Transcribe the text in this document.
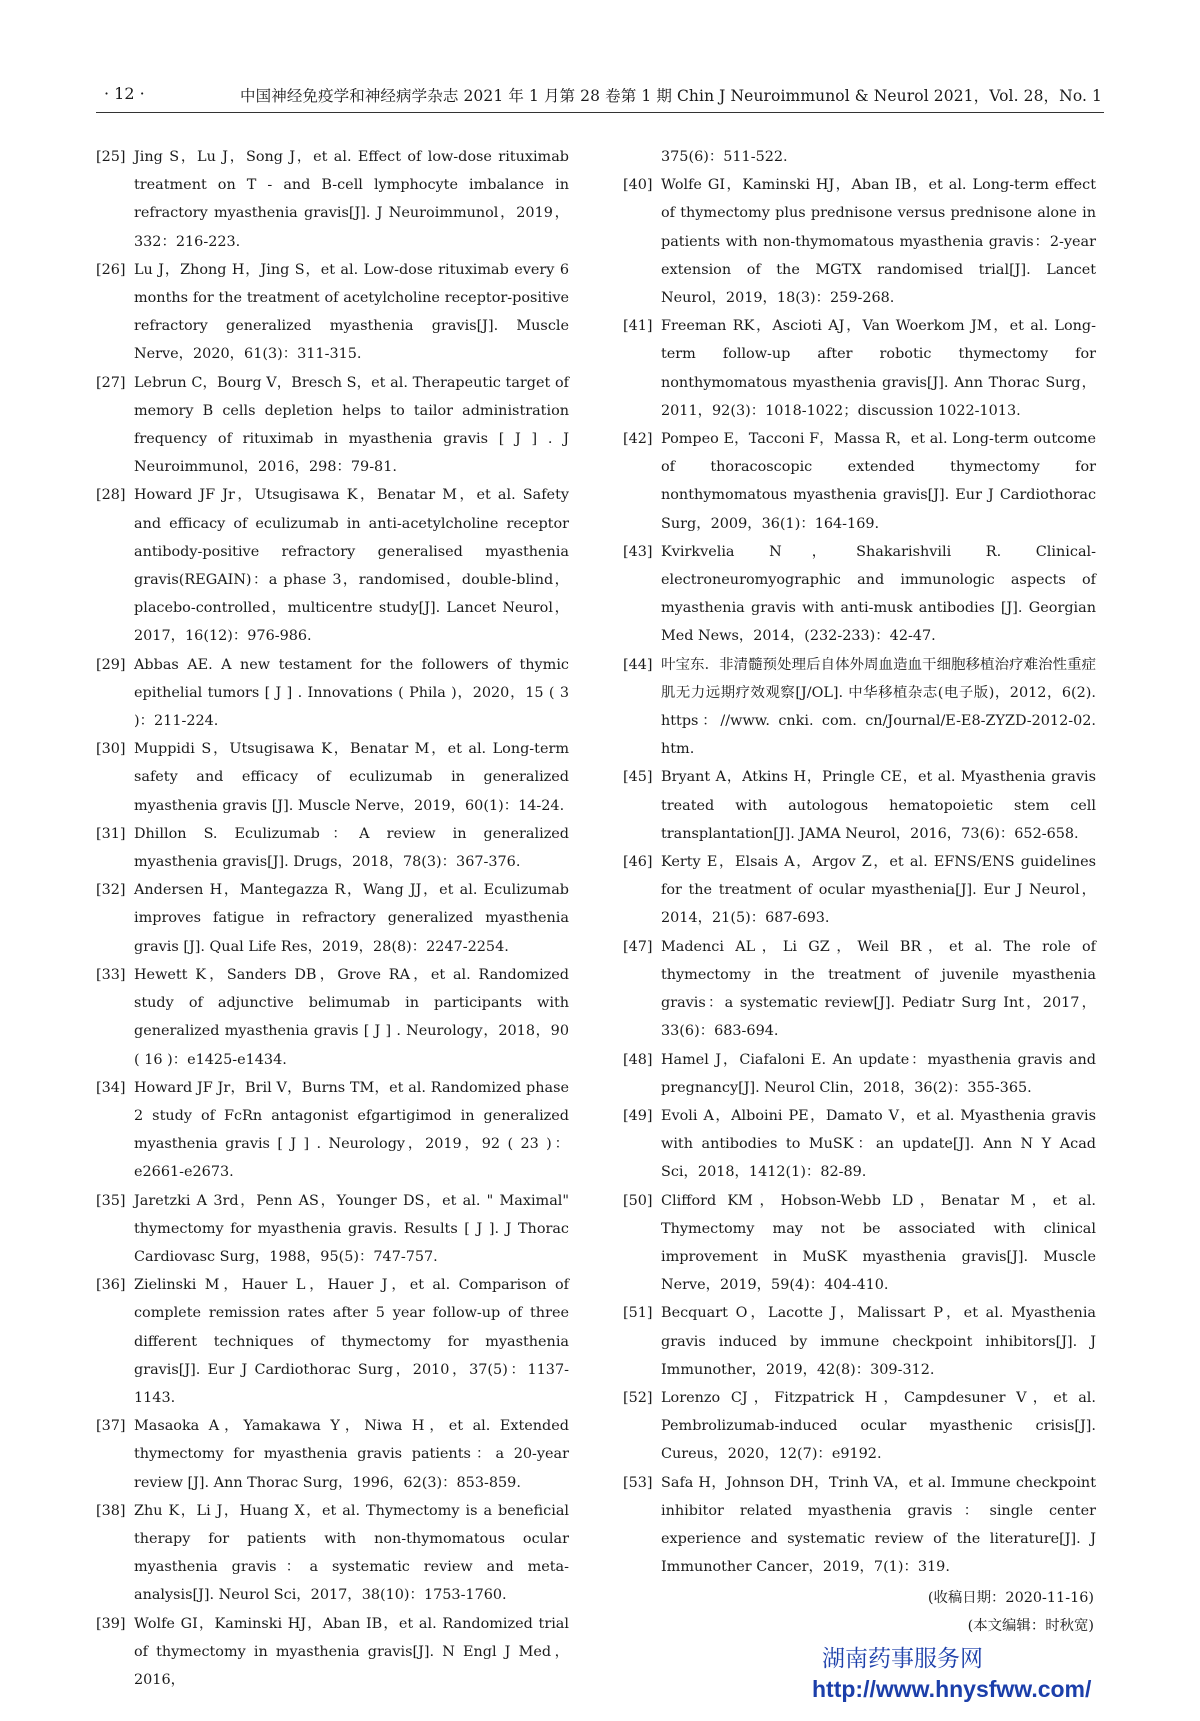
· 12 ·	中国神经免疫学和神经病学杂志 2021 年 1 月第 28 卷第 1 期 Chin J Neuroimmunol & Neurol 2021，Vol. 28，No. 1

[25] Jing S，Lu J，Song J，et al. Effect of low-dose rituximab treatment on T - and B-cell lymphocyte imbalance in refractory myasthenia gravis[J]. J Neuroimmunol，2019，332：216-223.

[26] Lu J，Zhong H，Jing S，et al. Low-dose rituximab every 6 months for the treatment of acetylcholine receptor-positive refractory generalized myasthenia gravis[J]. Muscle Nerve，2020，61(3)：311-315.

[27] Lebrun C，Bourg V，Bresch S，et al. Therapeutic target of memory B cells depletion helps to tailor administration frequency of rituximab in myasthenia gravis [ J ] . J Neuroimmunol，2016，298：79-81.

[28] Howard JF Jr，Utsugisawa K，Benatar M，et al. Safety and efficacy of eculizumab in anti-acetylcholine receptor antibody-positive refractory generalised myasthenia gravis(REGAIN)：a phase 3，randomised，double-blind，placebo-controlled，multicentre study[J]. Lancet Neurol，2017，16(12)：976-986.

[29] Abbas AE. A new testament for the followers of thymic epithelial tumors [ J ] . Innovations ( Phila )，2020，15 ( 3 )：211-224.

[30] Muppidi S，Utsugisawa K，Benatar M，et al. Long-term safety and efficacy of eculizumab in generalized myasthenia gravis [J]. Muscle Nerve，2019，60(1)：14-24.

[31] Dhillon S. Eculizumab：A review in generalized myasthenia gravis[J]. Drugs，2018，78(3)：367-376.

[32] Andersen H，Mantegazza R，Wang JJ，et al. Eculizumab improves fatigue in refractory generalized myasthenia gravis [J]. Qual Life Res，2019，28(8)：2247-2254.

[33] Hewett K，Sanders DB，Grove RA，et al. Randomized study of adjunctive belimumab in participants with generalized myasthenia gravis [ J ] . Neurology，2018，90 ( 16 )：e1425-e1434.

[34] Howard JF Jr，Bril V，Burns TM，et al. Randomized phase 2 study of FcRn antagonist efgartigimod in generalized myasthenia gravis [ J ] . Neurology，2019，92 ( 23 )：e2661-e2673.

[35] Jaretzki A 3rd，Penn AS，Younger DS，et al. " Maximal" thymectomy for myasthenia gravis. Results [ J ]. J Thorac Cardiovasc Surg，1988，95(5)：747-757.

[36] Zielinski M，Hauer L，Hauer J，et al. Comparison of complete remission rates after 5 year follow-up of three different techniques of thymectomy for myasthenia gravis[J]. Eur J Cardiothorac Surg，2010，37(5)：1137-1143.

[37] Masaoka A，Yamakawa Y，Niwa H，et al. Extended thymectomy for myasthenia gravis patients：a 20-year review [J]. Ann Thorac Surg，1996，62(3)：853-859.

[38] Zhu K，Li J，Huang X，et al. Thymectomy is a beneficial therapy for patients with non-thymomatous ocular myasthenia gravis：a systematic review and meta-analysis[J]. Neurol Sci，2017，38(10)：1753-1760.

[39] Wolfe GI，Kaminski HJ，Aban IB，et al. Randomized trial of thymectomy in myasthenia gravis[J]. N Engl J Med，2016，

375(6)：511-522.

[40] Wolfe GI，Kaminski HJ，Aban IB，et al. Long-term effect of thymectomy plus prednisone versus prednisone alone in patients with non-thymomatous myasthenia gravis：2-year extension of the MGTX randomised trial[J]. Lancet Neurol，2019，18(3)：259-268.

[41] Freeman RK，Ascioti AJ，Van Woerkom JM，et al. Long-term follow-up after robotic thymectomy for nonthymomatous myasthenia gravis[J]. Ann Thorac Surg，2011，92(3)：1018-1022；discussion 1022-1013.

[42] Pompeo E，Tacconi F，Massa R，et al. Long-term outcome of thoracoscopic extended thymectomy for nonthymomatous myasthenia gravis[J]. Eur J Cardiothorac Surg，2009，36(1)：164-169.

[43] Kvirkvelia N，Shakarishvili R. Clinical-electroneuromyographic and immunologic aspects of myasthenia gravis with anti-musk antibodies [J]. Georgian Med News，2014，(232-233)：42-47.

[44] 叶宝东．非清髓预处理后自体外周血造血干细胞移植治疗难治性重症肌无力远期疗效观察[J/OL]. 中华移植杂志(电子版)，2012，6(2). https：//www. cnki. com. cn/Journal/E-E8-ZYZD-2012-02. htm.

[45] Bryant A，Atkins H，Pringle CE，et al. Myasthenia gravis treated with autologous hematopoietic stem cell transplantation[J]. JAMA Neurol，2016，73(6)：652-658.

[46] Kerty E，Elsais A，Argov Z，et al. EFNS/ENS guidelines for the treatment of ocular myasthenia[J]. Eur J Neurol，2014，21(5)：687-693.

[47] Madenci AL，Li GZ，Weil BR，et al. The role of thymectomy in the treatment of juvenile myasthenia gravis：a systematic review[J]. Pediatr Surg Int，2017，33(6)：683-694.

[48] Hamel J，Ciafaloni E. An update：myasthenia gravis and pregnancy[J]. Neurol Clin，2018，36(2)：355-365.

[49] Evoli A，Alboini PE，Damato V，et al. Myasthenia gravis with antibodies to MuSK：an update[J]. Ann N Y Acad Sci，2018，1412(1)：82-89.

[50] Clifford KM，Hobson-Webb LD，Benatar M，et al. Thymectomy may not be associated with clinical improvement in MuSK myasthenia gravis[J]. Muscle Nerve，2019，59(4)：404-410.

[51] Becquart O，Lacotte J，Malissart P，et al. Myasthenia gravis induced by immune checkpoint inhibitors[J]. J Immunother，2019，42(8)：309-312.

[52] Lorenzo CJ，Fitzpatrick H，Campdesuner V，et al. Pembrolizumab-induced ocular myasthenic crisis[J]. Cureus，2020，12(7)：e9192.

[53] Safa H，Johnson DH，Trinh VA，et al. Immune checkpoint inhibitor related myasthenia gravis：single center experience and systematic review of the literature[J]. J Immunother Cancer，2019，7(1)：319.

(收稿日期：2020-11-16)
(本文编辑：时秋宽)
湖南药事服务网
http://www.hnysfww.com/
